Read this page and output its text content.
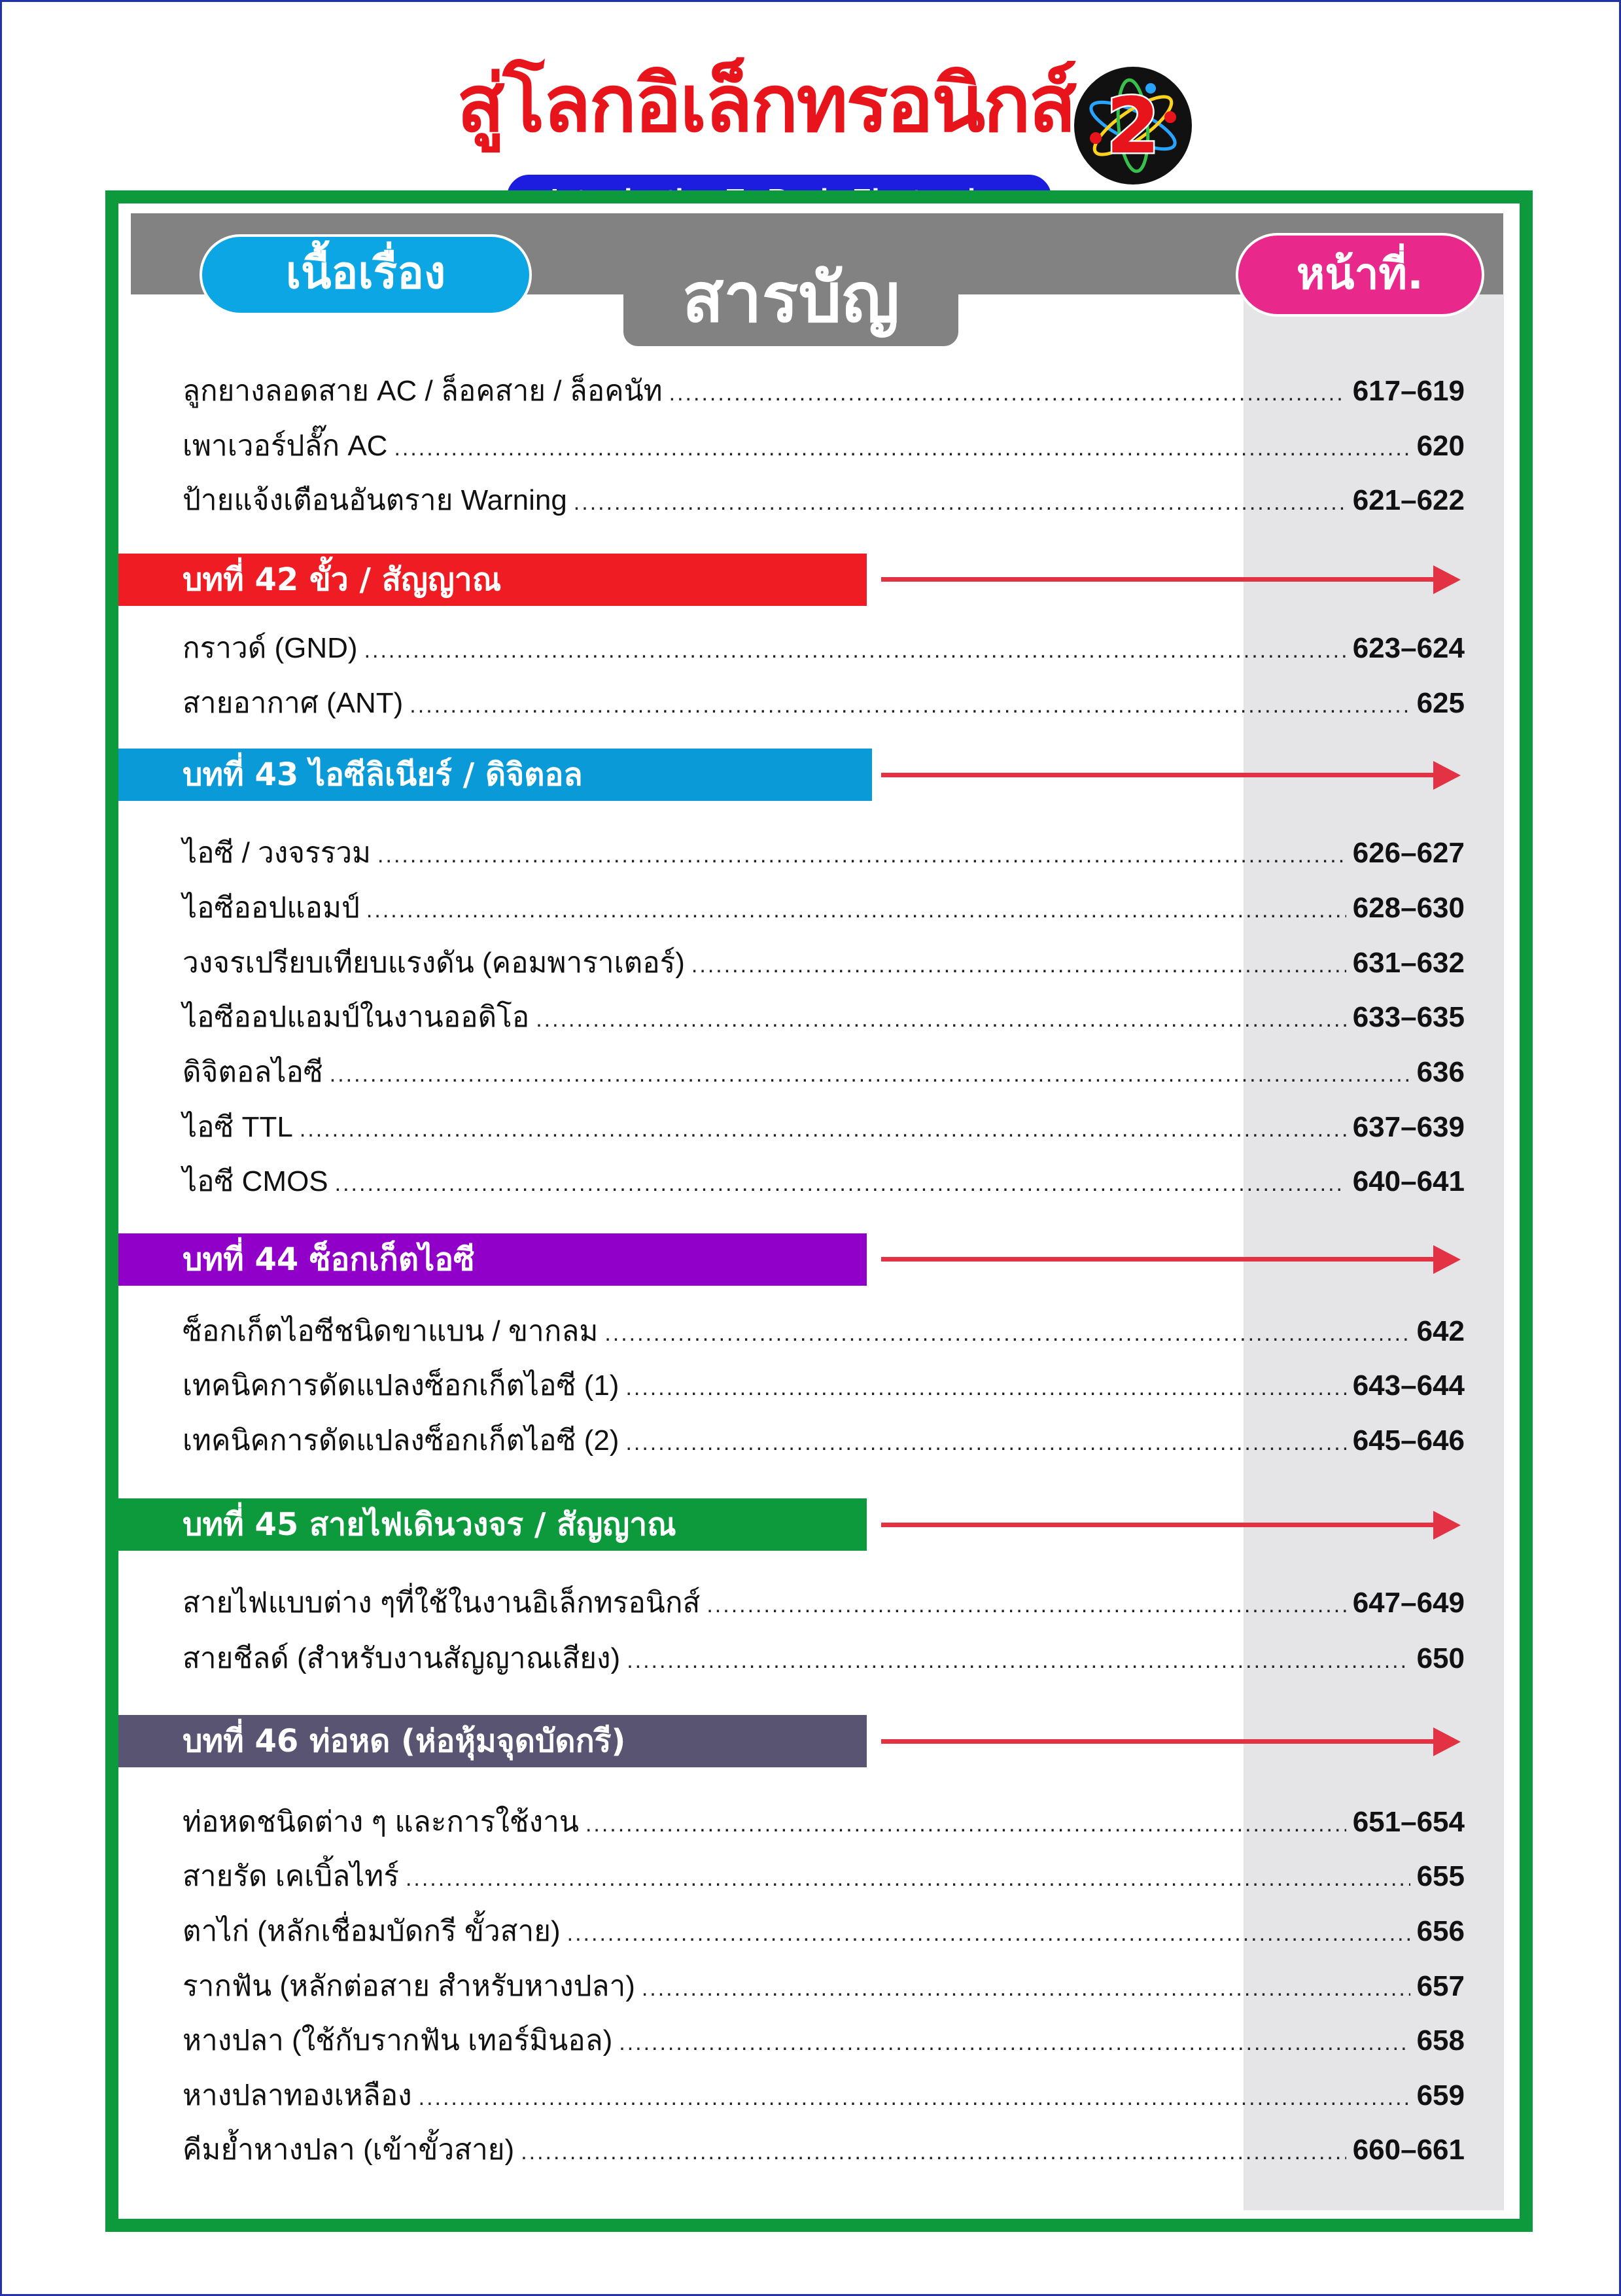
สู่โลกอิเล็กทรอนิกส์ 2
เนื้อเรื่อง	สารบัญ	หน้าที่.
ลูกยางลอดสาย AC / ล็อคสาย / ล็อคนัท .....	617–619
เพาเวอร์ปลั๊ก AC .....	620
ป้ายแจ้งเตือนอันตราย Warning .....	621–622
บทที่ 42 ขั้ว / สัญญาณ
กราวด์ (GND) .....	623–624
สายอากาศ (ANT) .....	625
บทที่ 43 ไอซีลิเนียร์ / ดิจิตอล
ไอซี / วงจรรวม .....	626–627
ไอซีออปแอมป์ .....	628–630
วงจรเปรียบเทียบแรงดัน (คอมพาราเตอร์) .....	631–632
ไอซีออปแอมป์ในงานออดิโอ .....	633–635
ดิจิตอลไอซี .....	636
ไอซี TTL .....	637–639
ไอซี CMOS .....	640–641
บทที่ 44 ซ็อกเก็ตไอซี
ซ็อกเก็ตไอซีชนิดขาแบน / ขากลม .....	642
เทคนิคการดัดแปลงซ็อกเก็ตไอซี (1) .....	643–644
เทคนิคการดัดแปลงซ็อกเก็ตไอซี (2) .....	645–646
บทที่ 45 สายไฟเดินวงจร / สัญญาณ
สายไฟแบบต่าง ๆที่ใช้ในงานอิเล็กทรอนิกส์ .....	647–649
สายชีลด์ (สำหรับงานสัญญาณเสียง) .....	650
บทที่ 46 ท่อหด (ห่อหุ้มจุดบัดกรี)
ท่อหดชนิดต่าง ๆ และการใช้งาน .....	651–654
สายรัด เคเบิ้ลไทร์ .....	655
ตาไก่ (หลักเชื่อมบัดกรี ขั้วสาย) .....	656
รากฟัน (หลักต่อสาย สำหรับหางปลา) .....	657
หางปลา (ใช้กับรากฟัน เทอร์มินอล) .....	658
หางปลาทองเหลือง .....	659
คีมย้ำหางปลา (เข้าขั้วสาย) .....	660–661
